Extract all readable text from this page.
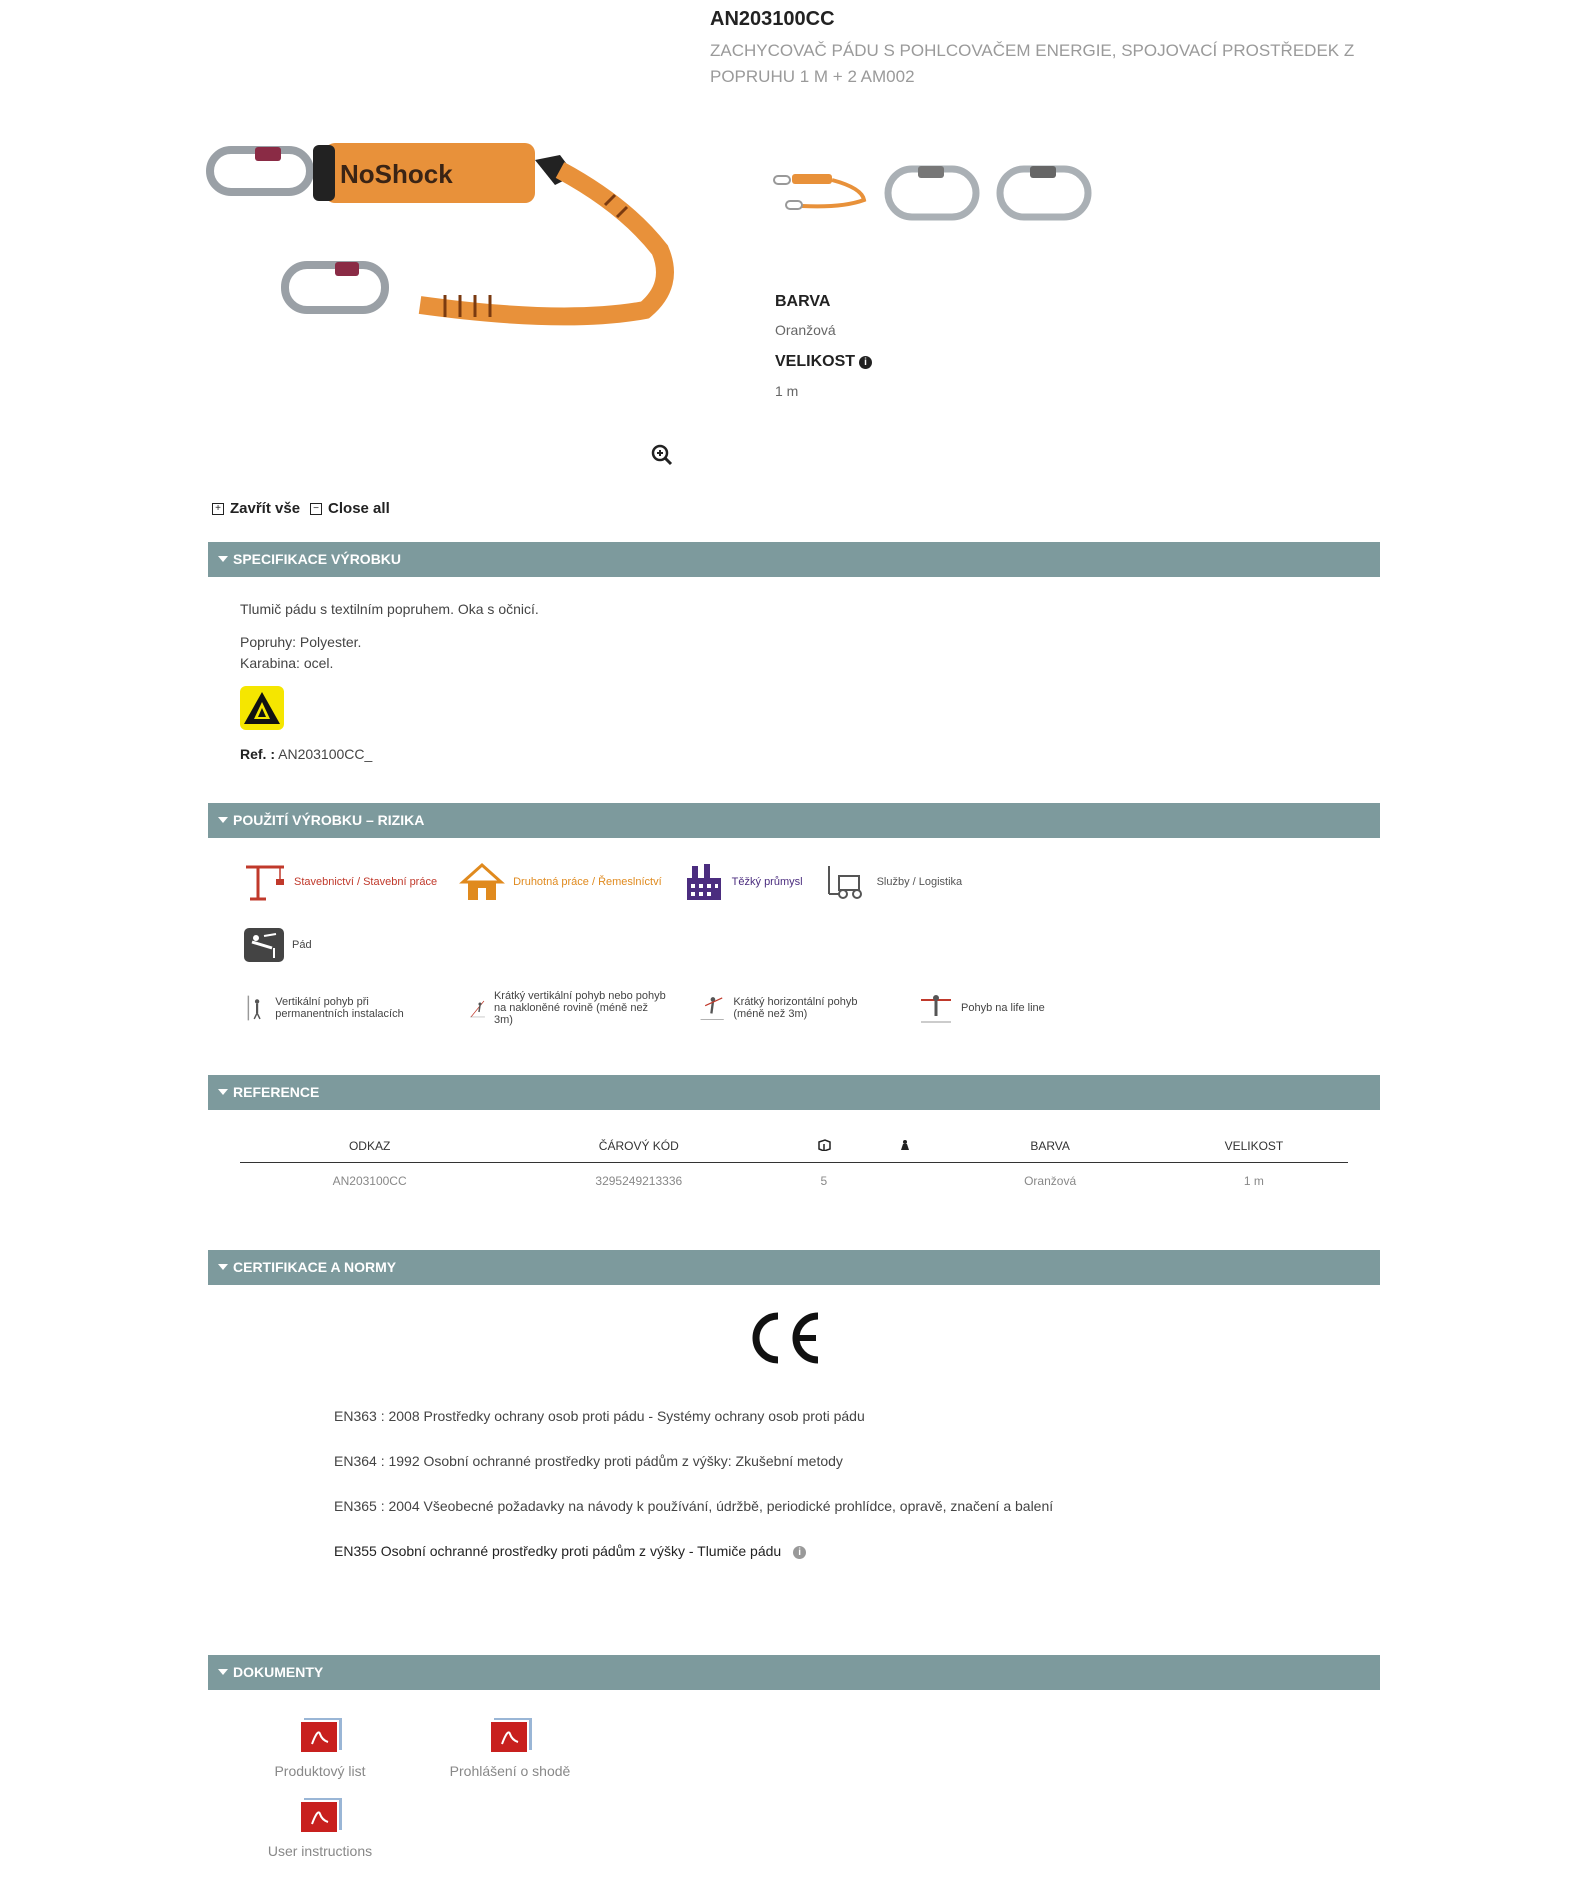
AN203100CC
ZACHYCOVAČ PÁDU S POHLCOVAČEM ENERGIE, SPOJOVACÍ PROSTŘEDEK Z POPRUHU 1 M + 2 AM002
NoShock
BARVA
Oranžová
VELIKOST i
1 m
+ Zavřít vše	− Close all
SPECIFIKACE VÝROBKU
Tlumič pádu s textilním popruhem. Oka s očnicí.
Popruhy: Polyester.
Karabina: ocel.
Ref. : AN203100CC_
POUŽITÍ VÝROBKU – RIZIKA
Stavebnictví / Stavební práce	Druhotná práce / Řemeslníctví	Těžký průmysl	Služby / Logistika
Pád
Vertikální pohyb při permanentních instalacích
Krátký vertikální pohyb nebo pohyb na nakloněné rovině (méně než 3m)
Krátký horizontální pohyb (méně než 3m)	Pohyb na life line
REFERENCE
ODKAZ	ČÁROVÝ KÓD			BARVA	VELIKOST
AN203100CC	3295249213336	5		Oranžová	1 m
CERTIFIKACE A NORMY
EN363 : 2008 Prostředky ochrany osob proti pádu - Systémy ochrany osob proti pádu
EN364 : 1992 Osobní ochranné prostředky proti pádům z výšky: Zkušební metody
EN365 : 2004 Všeobecné požadavky na návody k používání, údržbě, periodické prohlídce, opravě, značení a balení
EN355 Osobní ochranné prostředky proti pádům z výšky - Tlumiče pádu i
DOKUMENTY
Produktový list	Prohlášení o shodě
User instructions
